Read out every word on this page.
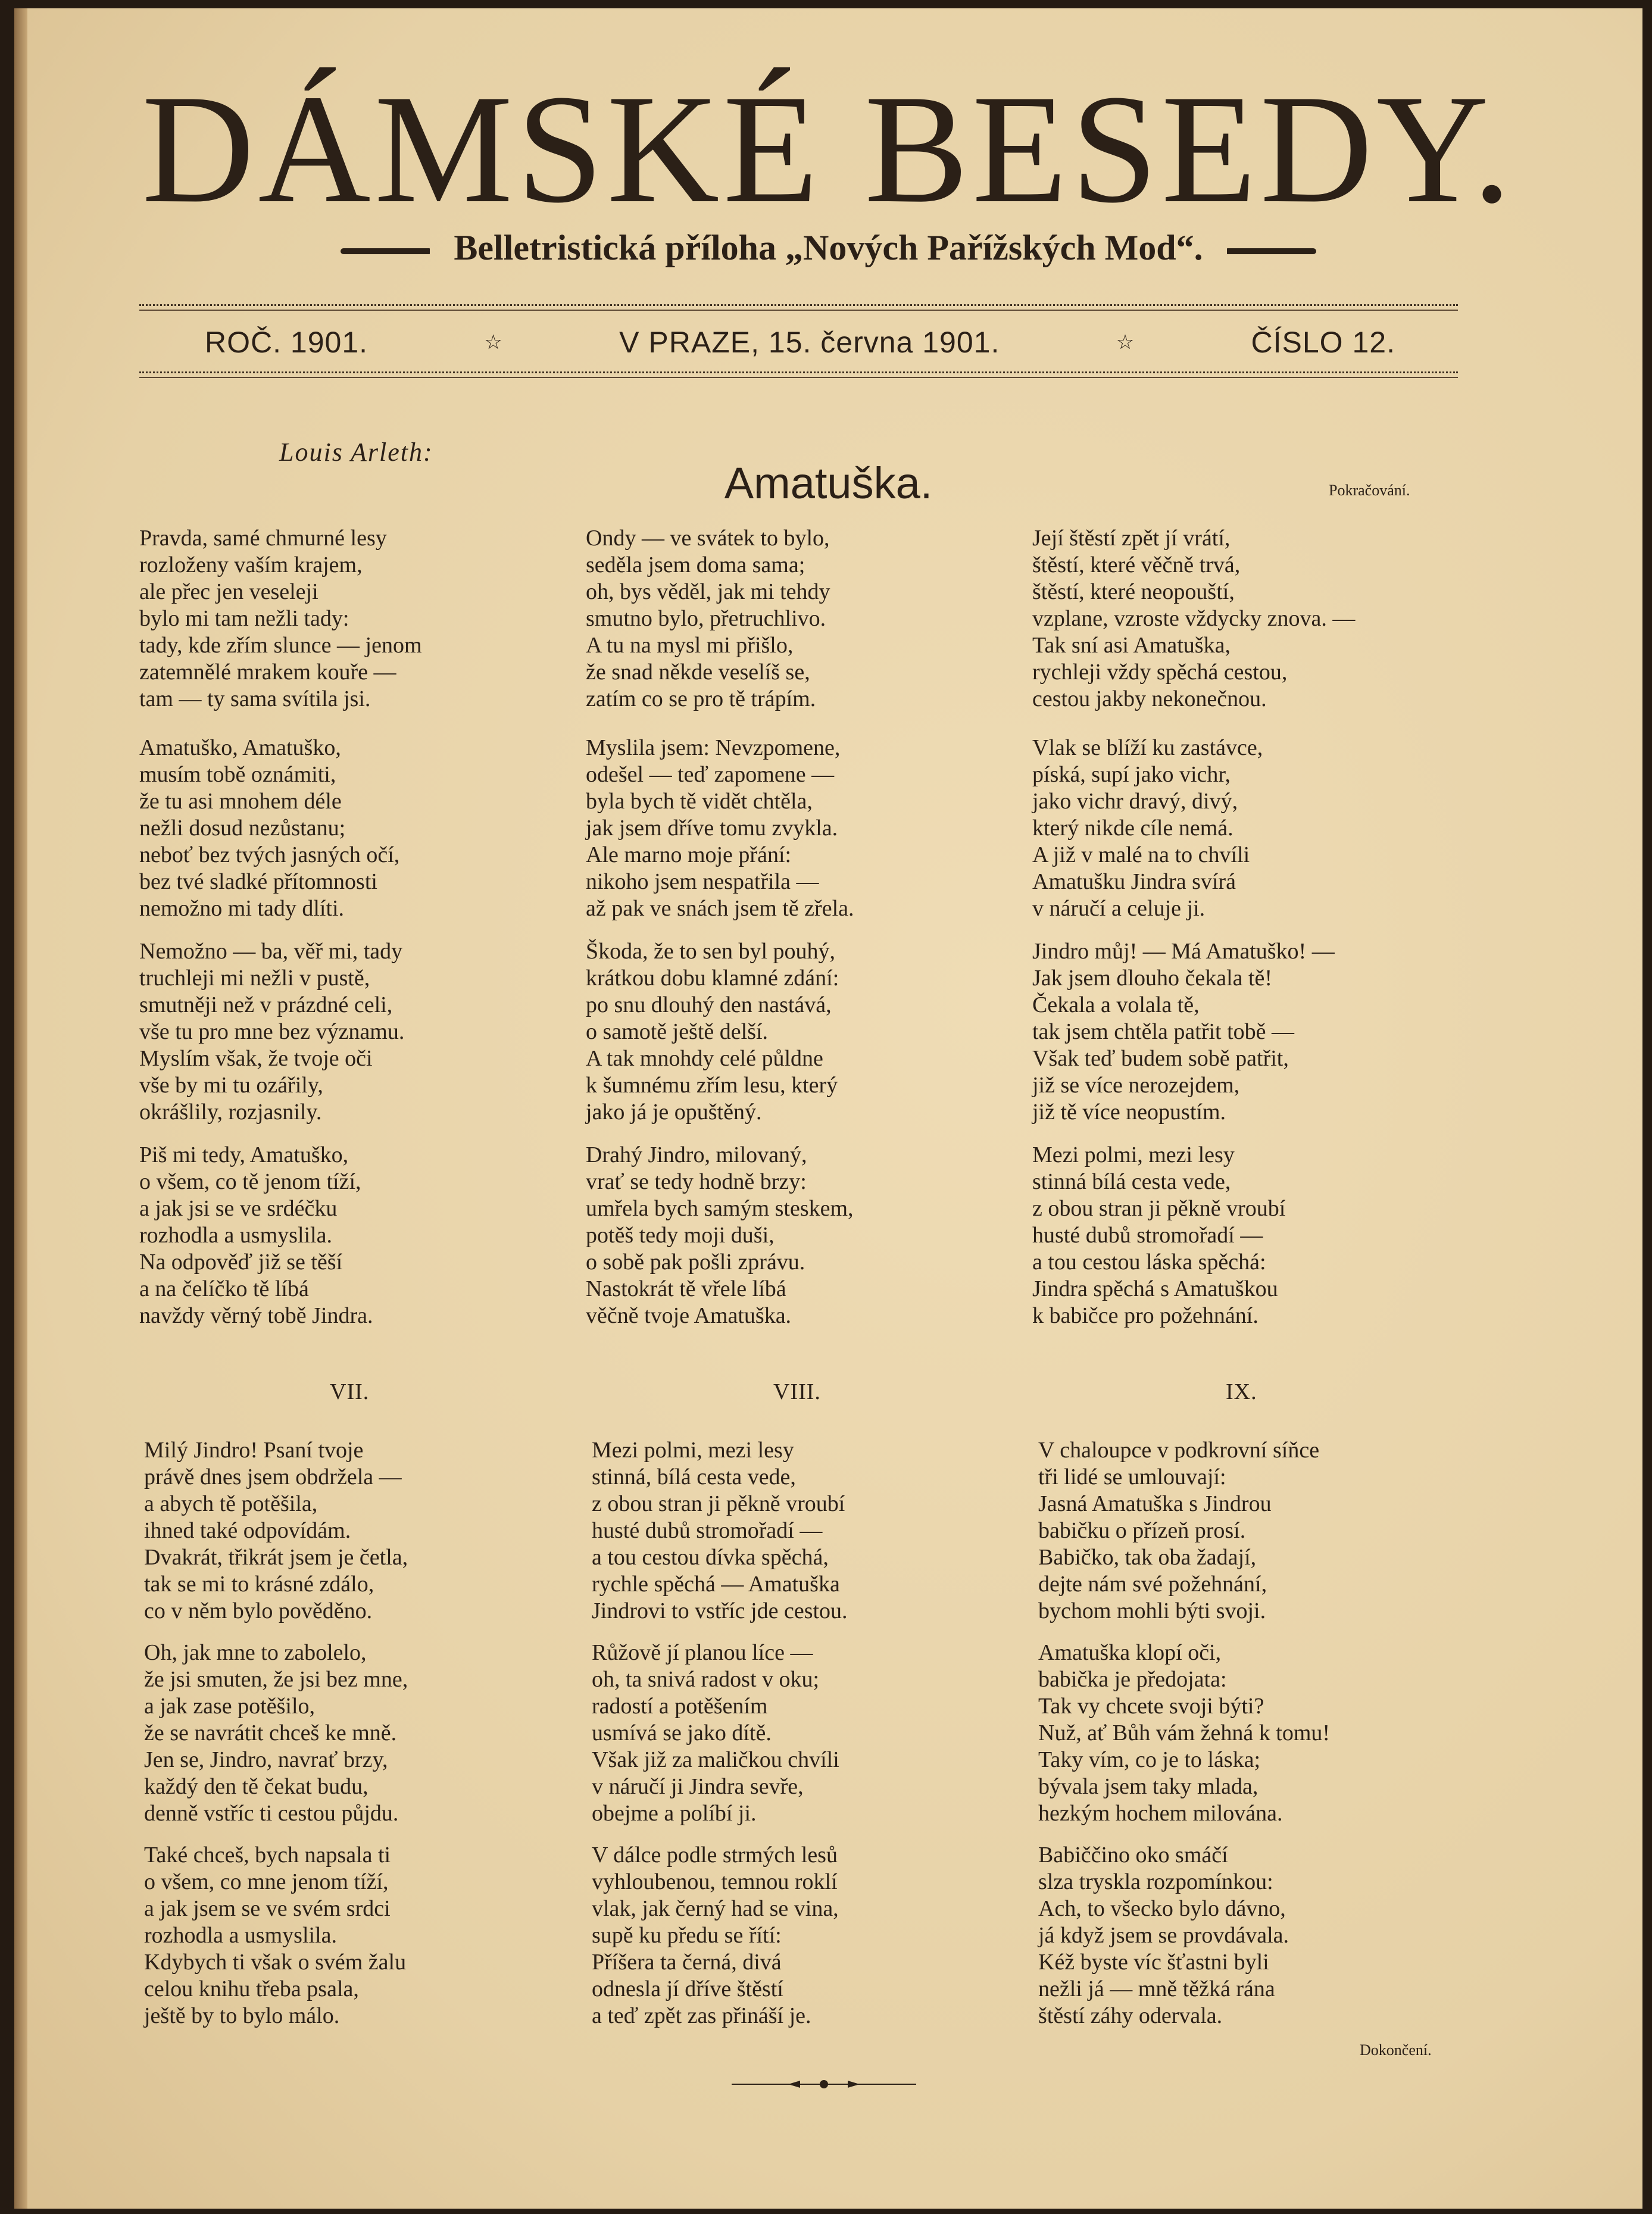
DÁMSKÉ BESEDY.
Belletristická příloha „Nových Pařížských Mod“.
ROČ. 1901.	☆	V PRAZE, 15. června 1901.	☆	ČÍSLO 12.
Louis Arleth:
Amatuška.	Pokračování.

Pravda, samé chmurné lesy
rozloženy vaším krajem,
ale přec jen veseleji
bylo mi tam nežli tady:
tady, kde zřím slunce — jenom
zatemnělé mrakem kouře —
tam — ty sama svítila jsi.

Amatuško, Amatuško,
musím tobě oznámiti,
že tu asi mnohem déle
nežli dosud nezůstanu;
neboť bez tvých jasných očí,
bez tvé sladké přítomnosti
nemožno mi tady dlíti.

Nemožno — ba, věř mi, tady
truchleji mi nežli v pustě,
smutněji než v prázdné celi,
vše tu pro mne bez významu.
Myslím však, že tvoje oči
vše by mi tu ozářily,
okrášlily, rozjasnily.

Piš mi tedy, Amatuško,
o všem, co tě jenom tíží,
a jak jsi se ve srdéčku
rozhodla a usmyslila.
Na odpověď již se těší
a na čelíčko tě líbá
navždy věrný tobě Jindra.

Ondy — ve svátek to bylo,
seděla jsem doma sama;
oh, bys věděl, jak mi tehdy
smutno bylo, přetruchlivo.
A tu na mysl mi přišlo,
že snad někde veselíš se,
zatím co se pro tě trápím.

Myslila jsem: Nevzpomene,
odešel — teď zapomene —
byla bych tě vidět chtěla,
jak jsem dříve tomu zvykla.
Ale marno moje přání:
nikoho jsem nespatřila —
až pak ve snách jsem tě zřela.

Škoda, že to sen byl pouhý,
krátkou dobu klamné zdání:
po snu dlouhý den nastává,
o samotě ještě delší.
A tak mnohdy celé půldne
k šumnému zřím lesu, který
jako já je opuštěný.

Drahý Jindro, milovaný,
vrať se tedy hodně brzy:
umřela bych samým steskem,
potěš tedy moji duši,
o sobě pak pošli zprávu.
Nastokrát tě vřele líbá
věčně tvoje Amatuška.

Její štěstí zpět jí vrátí,
štěstí, které věčně trvá,
štěstí, které neopouští,
vzplane, vzroste vždycky znova. —
Tak sní asi Amatuška,
rychleji vždy spěchá cestou,
cestou jakby nekonečnou.

Vlak se blíží ku zastávce,
píská, supí jako vichr,
jako vichr dravý, divý,
který nikde cíle nemá.
A již v malé na to chvíli
Amatušku Jindra svírá
v náručí a celuje ji.

Jindro můj! — Má Amatuško! —
Jak jsem dlouho čekala tě!
Čekala a volala tě,
tak jsem chtěla patřit tobě —
Však teď budem sobě patřit,
již se více nerozejdem,
již tě více neopustím.

Mezi polmi, mezi lesy
stinná bílá cesta vede,
z obou stran ji pěkně vroubí
husté dubů stromořadí —
a tou cestou láska spěchá:
Jindra spěchá s Amatuškou
k babičce pro požehnání.

VII.	VIII.	IX.

Milý Jindro! Psaní tvoje
právě dnes jsem obdržela —
a abych tě potěšila,
ihned také odpovídám.
Dvakrát, třikrát jsem je četla,
tak se mi to krásné zdálo,
co v něm bylo pověděno.

Oh, jak mne to zabolelo,
že jsi smuten, že jsi bez mne,
a jak zase potěšilo,
že se navrátit chceš ke mně.
Jen se, Jindro, navrať brzy,
každý den tě čekat budu,
denně vstříc ti cestou půjdu.

Také chceš, bych napsala ti
o všem, co mne jenom tíží,
a jak jsem se ve svém srdci
rozhodla a usmyslila.
Kdybych ti však o svém žalu
celou knihu třeba psala,
ještě by to bylo málo.

Mezi polmi, mezi lesy
stinná, bílá cesta vede,
z obou stran ji pěkně vroubí
husté dubů stromořadí —
a tou cestou dívka spěchá,
rychle spěchá — Amatuška
Jindrovi to vstříc jde cestou.

Růžově jí planou líce —
oh, ta snivá radost v oku;
radostí a potěšením
usmívá se jako dítě.
Však již za maličkou chvíli
v náručí ji Jindra sevře,
obejme a políbí ji.

V dálce podle strmých lesů
vyhloubenou, temnou roklí
vlak, jak černý had se vina,
supě ku předu se řítí:
Příšera ta černá, divá
odnesla jí dříve štěstí
a teď zpět zas přináší je.

V chaloupce v podkrovní síňce
tři lidé se umlouvají:
Jasná Amatuška s Jindrou
babičku o přízeň prosí.
Babičko, tak oba žadají,
dejte nám své požehnání,
bychom mohli býti svoji.

Amatuška klopí oči,
babička je předojata:
Tak vy chcete svoji býti?
Nuž, ať Bůh vám žehná k tomu!
Taky vím, co je to láska;
bývala jsem taky mlada,
hezkým hochem milována.

Babiččino oko smáčí
slza tryskla rozpomínkou:
Ach, to všecko bylo dávno,
já když jsem se provdávala.
Kéž byste víc šťastni byli
nežli já — mně těžká rána
štěstí záhy odervala.

Dokončení.
